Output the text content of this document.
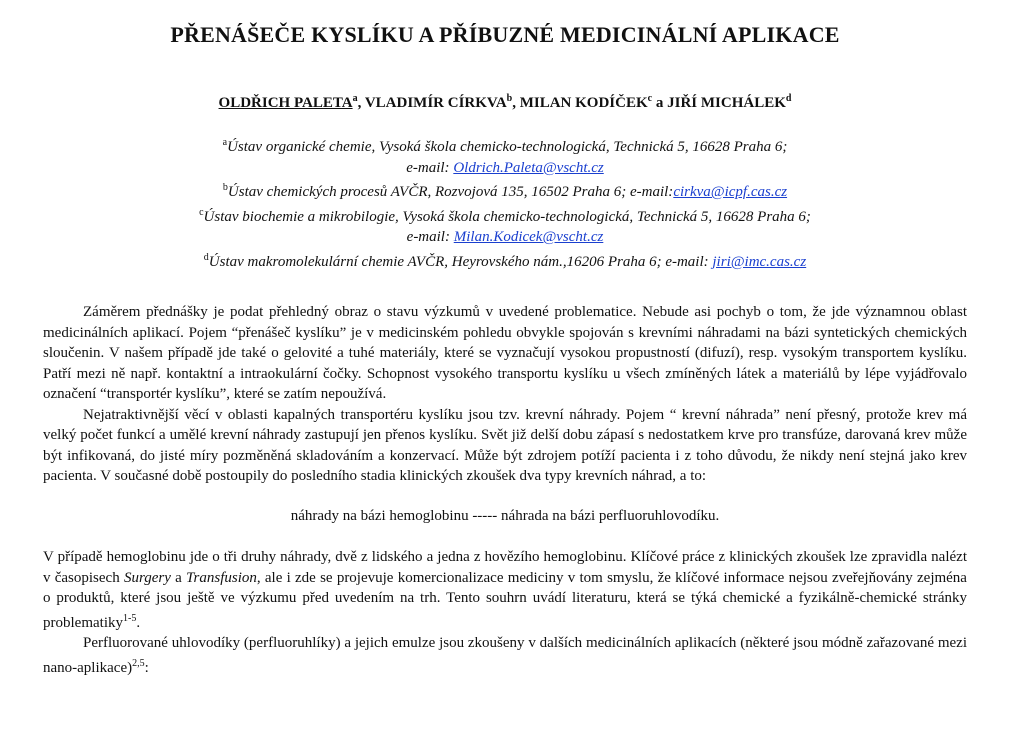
PŘENÁŠEČE KYSLÍKU A PŘÍBUZNÉ MEDICINÁLNÍ APLIKACE
OLDŘICH PALETA$^a$, VLADIMÍR CÍRKVA$^b$, MILAN KODÍČEK$^c$ a JIŘÍ MICHÁLEK$^d$
$^a$Ústav organické chemie, Vysoká škola chemicko-technologická, Technická 5, 16628 Praha 6;
e-mail: Oldrich.Paleta@vscht.cz
$^b$Ústav chemických procesů AVČR, Rozvojová 135, 16502 Praha 6; e-mail:cirkva@icpf.cas.cz
$^c$Ústav biochemie a mikrobilogie, Vysoká škola chemicko-technologická, Technická 5, 16628 Praha 6;
e-mail: Milan.Kodicek@vscht.cz
$^d$Ústav makromolekulární chemie AVČR, Heyrovského nám.,16206 Praha 6; e-mail: jiri@imc.cas.cz

Záměrem přednášky je podat přehledný obraz o stavu výzkumů v uvedené problematice. Nebude asi pochyb o tom, že jde významnou oblast medicinálních aplikací. Pojem “přenášeč kyslíku” je v medicinském pohledu obvykle spojován s krevními náhradami na bázi syntetických chemických sloučenin. V našem případě jde také o gelovité a tuhé materiály, které se vyznačují vysokou propustností (difuzí), resp. vysokým transportem kyslíku. Patří mezi ně např. kontaktní a intraokulární čočky. Schopnost vysokého transportu kyslíku u všech zmíněných látek a materiálů by lépe vyjádřovalo označení “transportér kyslíku”, které se zatím nepoužívá.

Nejatraktivnější věcí v oblasti kapalných transportéru kyslíku jsou tzv. krevní náhrady. Pojem “ krevní náhrada” není přesný, protože krev má velký počet funkcí a umělé krevní náhrady zastupují jen přenos kyslíku. Svět již delší dobu zápasí s nedostatkem krve pro transfúze, darovaná krev může být infikovaná, do jisté míry pozměněná skladováním a konzervací. Může být zdrojem potíží pacienta i z toho důvodu, že nikdy není stejná jako krev pacienta. V současné době postoupily do posledního stadia klinických zkoušek dva typy krevních náhrad, a to:

náhrady na bázi hemoglobinu ----- náhrada na bázi perfluoruhlovodíku.

V případě hemoglobinu jde o tři druhy náhrady, dvě z lidského a jedna z hovězího hemoglobinu. Klíčové práce z klinických zkoušek lze zpravidla nalézt v časopisech Surgery a Transfusion, ale i zde se projevuje komercionalizace mediciny v tom smyslu, že klíčové informace nejsou zveřejňovány zejména o produktů, které jsou ještě ve výzkumu před uvedením na trh. Tento souhrn uvádí literaturu, která se týká chemické a fyzikálně-chemické stránky problematiky$^{1-5}$.

Perfluorované uhlovodíky (perfluoruhlíky) a jejich emulze jsou zkoušeny v dalších medicinálních aplikacích (některé jsou módně zařazované mezi nano-aplikace)$^{2,5}$:
